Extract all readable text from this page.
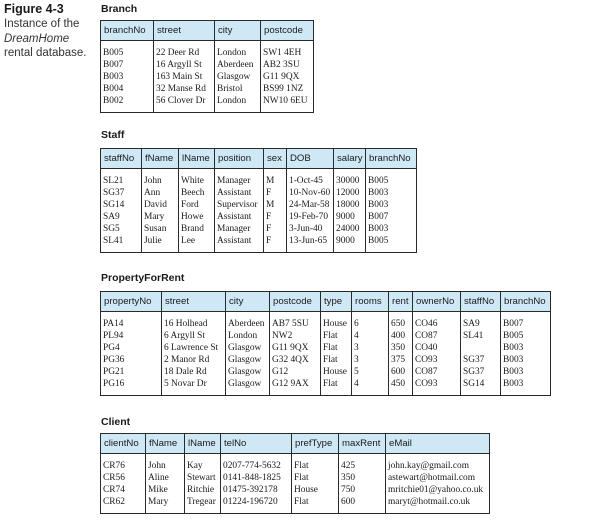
Figure 4-3
Instance of the
DreamHome
rental database.
Branch
branchNo	street	city	postcode
B005	22 Deer Rd	London	SW1 4EH
B007	16 Argyll St	Aberdeen	AB2 3SU
B003	163 Main St	Glasgow	G11 9QX
B004	32 Manse Rd	Bristol	BS99 1NZ
B002	56 Clover Dr	London	NW10 6EU
Staff
staffNo	fName	lName	position	sex	DOB	salary	branchNo
SL21	John	White	Manager	M	1-Oct-45	30000	B005
SG37	Ann	Beech	Assistant	F	10-Nov-60	12000	B003
SG14	David	Ford	Supervisor	M	24-Mar-58	18000	B003
SA9	Mary	Howe	Assistant	F	19-Feb-70	9000	B007
SG5	Susan	Brand	Manager	F	3-Jun-40	24000	B003
SL41	Julie	Lee	Assistant	F	13-Jun-65	9000	B005
PropertyForRent
propertyNo	street	city	postcode	type	rooms	rent	ownerNo	staffNo	branchNo
PA14	16 Holhead	Aberdeen	AB7 5SU	House	6	650	CO46	SA9	B007
PL94	6 Argyll St	London	NW2	Flat	4	400	CO87	SL41	B005
PG4	6 Lawrence St	Glasgow	G11 9QX	Flat	3	350	CO40		B003
PG36	2 Manor Rd	Glasgow	G32 4QX	Flat	3	375	CO93	SG37	B003
PG21	18 Dale Rd	Glasgow	G12	House	5	600	CO87	SG37	B003
PG16	5 Novar Dr	Glasgow	G12 9AX	Flat	4	450	CO93	SG14	B003
Client
clientNo	fName	lName	telNo	prefType	maxRent	eMail
CR76	John	Kay	0207-774-5632	Flat	425	john.kay@gmail.com
CR56	Aline	Stewart	0141-848-1825	Flat	350	astewart@hotmail.com
CR74	Mike	Ritchie	01475-392178	House	750	mritchie01@yahoo.co.uk
CR62	Mary	Tregear	01224-196720	Flat	600	maryt@hotmail.co.uk
